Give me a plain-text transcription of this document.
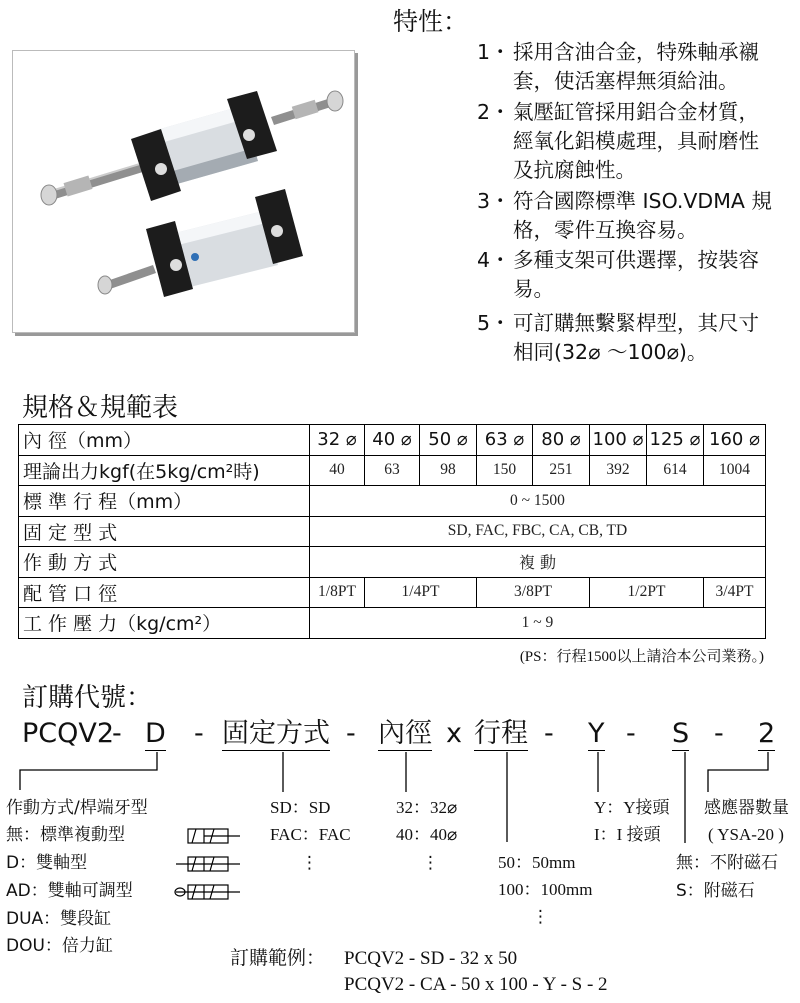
特性：
1・ 採用含油合金，特殊軸承襯
套，使活塞桿無須給油。
2・ 氣壓缸管採用鋁合金材質，
經氧化鋁模處理，具耐磨性
及抗腐蝕性。
3・ 符合國際標準 ISO.VDMA 規
格，零件互換容易。
4・ 多種支架可供選擇，按裝容
易。
5・ 可訂購無繫緊桿型，其尺寸
相同(32⌀ ～100⌀)。
規格＆規範表
內 徑（mm）	32 ⌀	40 ⌀	50 ⌀	63 ⌀	80 ⌀	100 ⌀	125 ⌀	160 ⌀
理論出力kgf(在5kg/cm²時)	40	63	98	150	251	392	614	1004
標 準 行 程（mm）	0 ~ 1500							
固 定 型 式	SD, FAC, FBC, CA, CB, TD							
作 動 方 式	複 動							
配 管 口 徑	1/8PT	1/4PT		3/8PT		1/2PT		3/4PT
工 作 壓 力（kg/cm²）	1 ~ 9							
(PS：行程1500以上請洽本公司業務。)
訂購代號：
PCQV2
- D - 固定方式 - 內徑 x 行程 - Y - S - 2
作動方式/桿端牙型
無：標準複動型
D：雙軸型
AD：雙軸可調型
DUA：雙段缸
DOU：倍力缸
SD：SD
FAC：FAC
⋮
32：32⌀
40：40⌀
⋮	50：50mm
100：100mm
⋮
Y：Y接頭
I：I 接頭
感應器數量
( YSA-20 )
無：不附磁石
S：附磁石
訂購範例： PCQV2 - SD - 32 x 50
PCQV2 - CA - 50 x 100 - Y - S - 2
